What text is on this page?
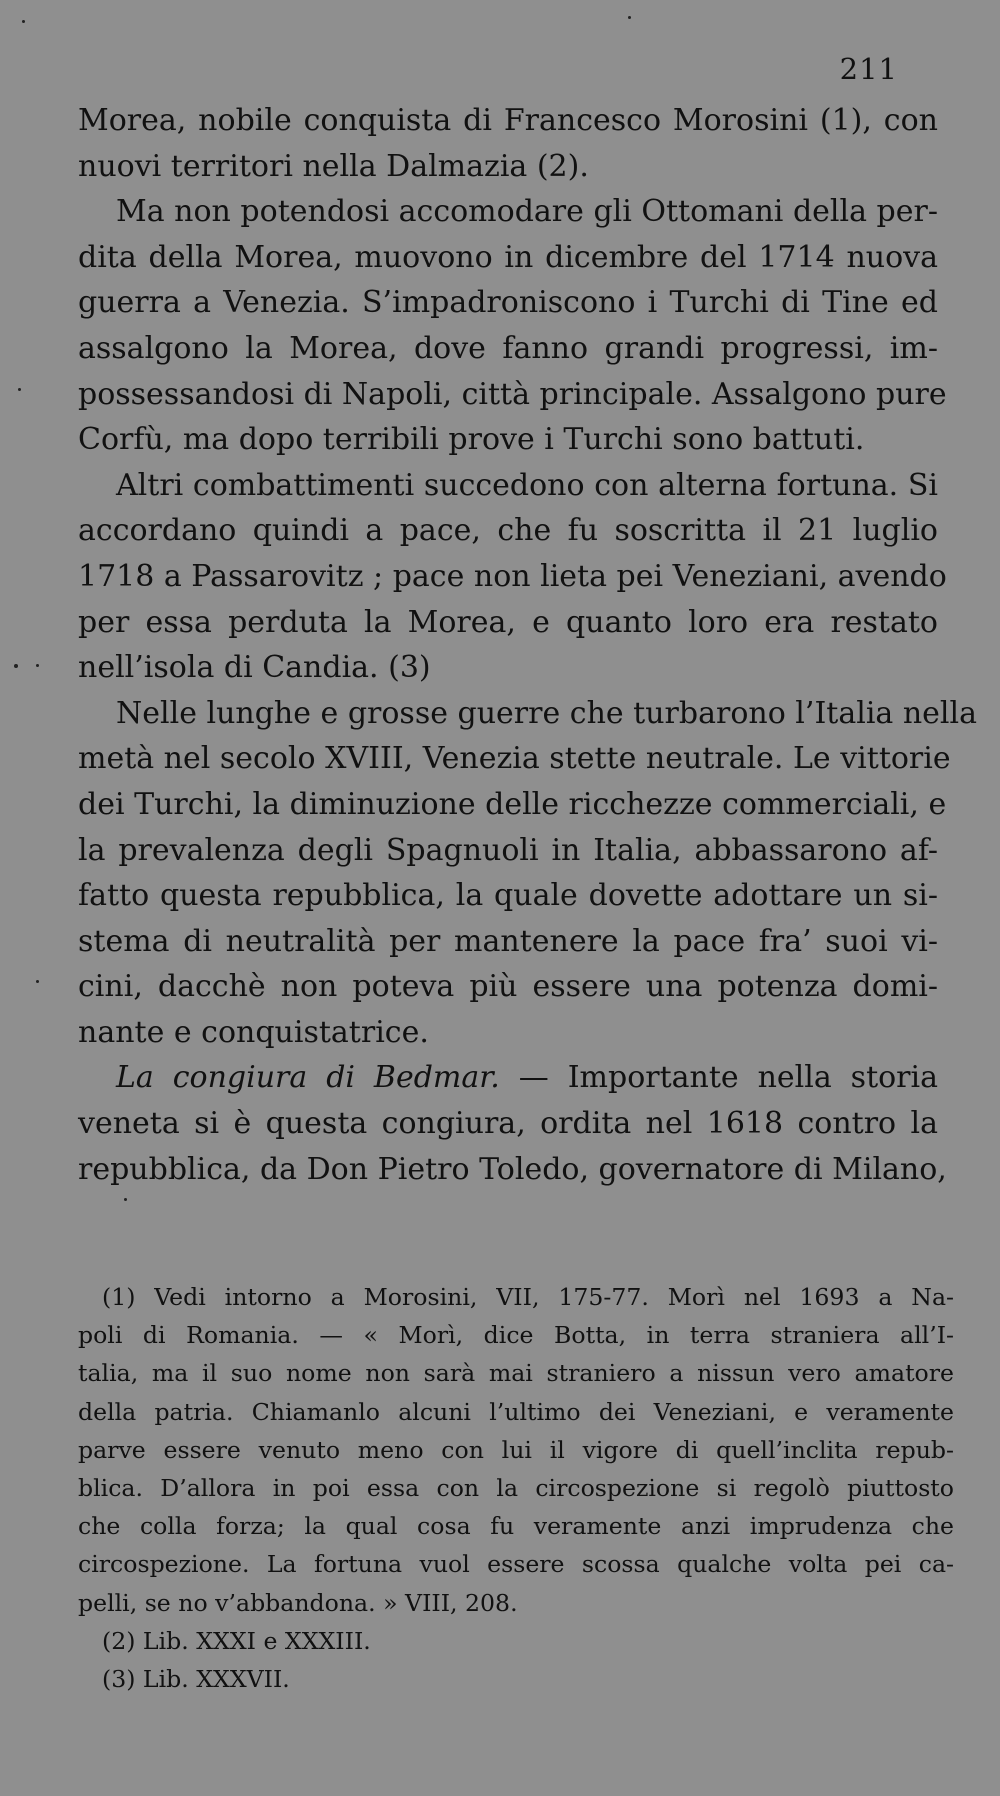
211
Morea, nobile conquista di Francesco Morosini (1), con
nuovi territori nella Dalmazia (2).
Ma non potendosi accomodare gli Ottomani della per-
dita della Morea, muovono in dicembre del 1714 nuova
guerra a Venezia. S’impadroniscono i Turchi di Tine ed
assalgono la Morea, dove fanno grandi progressi, im-
possessandosi di Napoli, città principale. Assalgono pure
Corfù, ma dopo terribili prove i Turchi sono battuti.
Altri combattimenti succedono con alterna fortuna. Si
accordano quindi a pace, che fu soscritta il 21 luglio
1718 a Passarovitz ; pace non lieta pei Veneziani, avendo
per essa perduta la Morea, e quanto loro era restato
nell’isola di Candia. (3)
Nelle lunghe e grosse guerre che turbarono l’Italia nella
metà nel secolo XVIII, Venezia stette neutrale. Le vittorie
dei Turchi, la diminuzione delle ricchezze commerciali, e
la prevalenza degli Spagnuoli in Italia, abbassarono af-
fatto questa repubblica, la quale dovette adottare un si-
stema di neutralità per mantenere la pace fra’ suoi vi-
cini, dacchè non poteva più essere una potenza domi-
nante e conquistatrice.
La congiura di Bedmar. — Importante nella storia
veneta si è questa congiura, ordita nel 1618 contro la
repubblica, da Don Pietro Toledo, governatore di Milano,
(1) Vedi intorno a Morosini, VII, 175-77. Morì nel 1693 a Na-
poli di Romania. — « Morì, dice Botta, in terra straniera all’I-
talia, ma il suo nome non sarà mai straniero a nissun vero amatore
della patria. Chiamanlo alcuni l’ultimo dei Veneziani, e veramente
parve essere venuto meno con lui il vigore di quell’inclita repub-
blica. D’allora in poi essa con la circospezione si regolò piuttosto
che colla forza; la qual cosa fu veramente anzi imprudenza che
circospezione. La fortuna vuol essere scossa qualche volta pei ca-
pelli, se no v’abbandona. » VIII, 208.
(2) Lib. XXXI e XXXIII.
(3) Lib. XXXVII.
